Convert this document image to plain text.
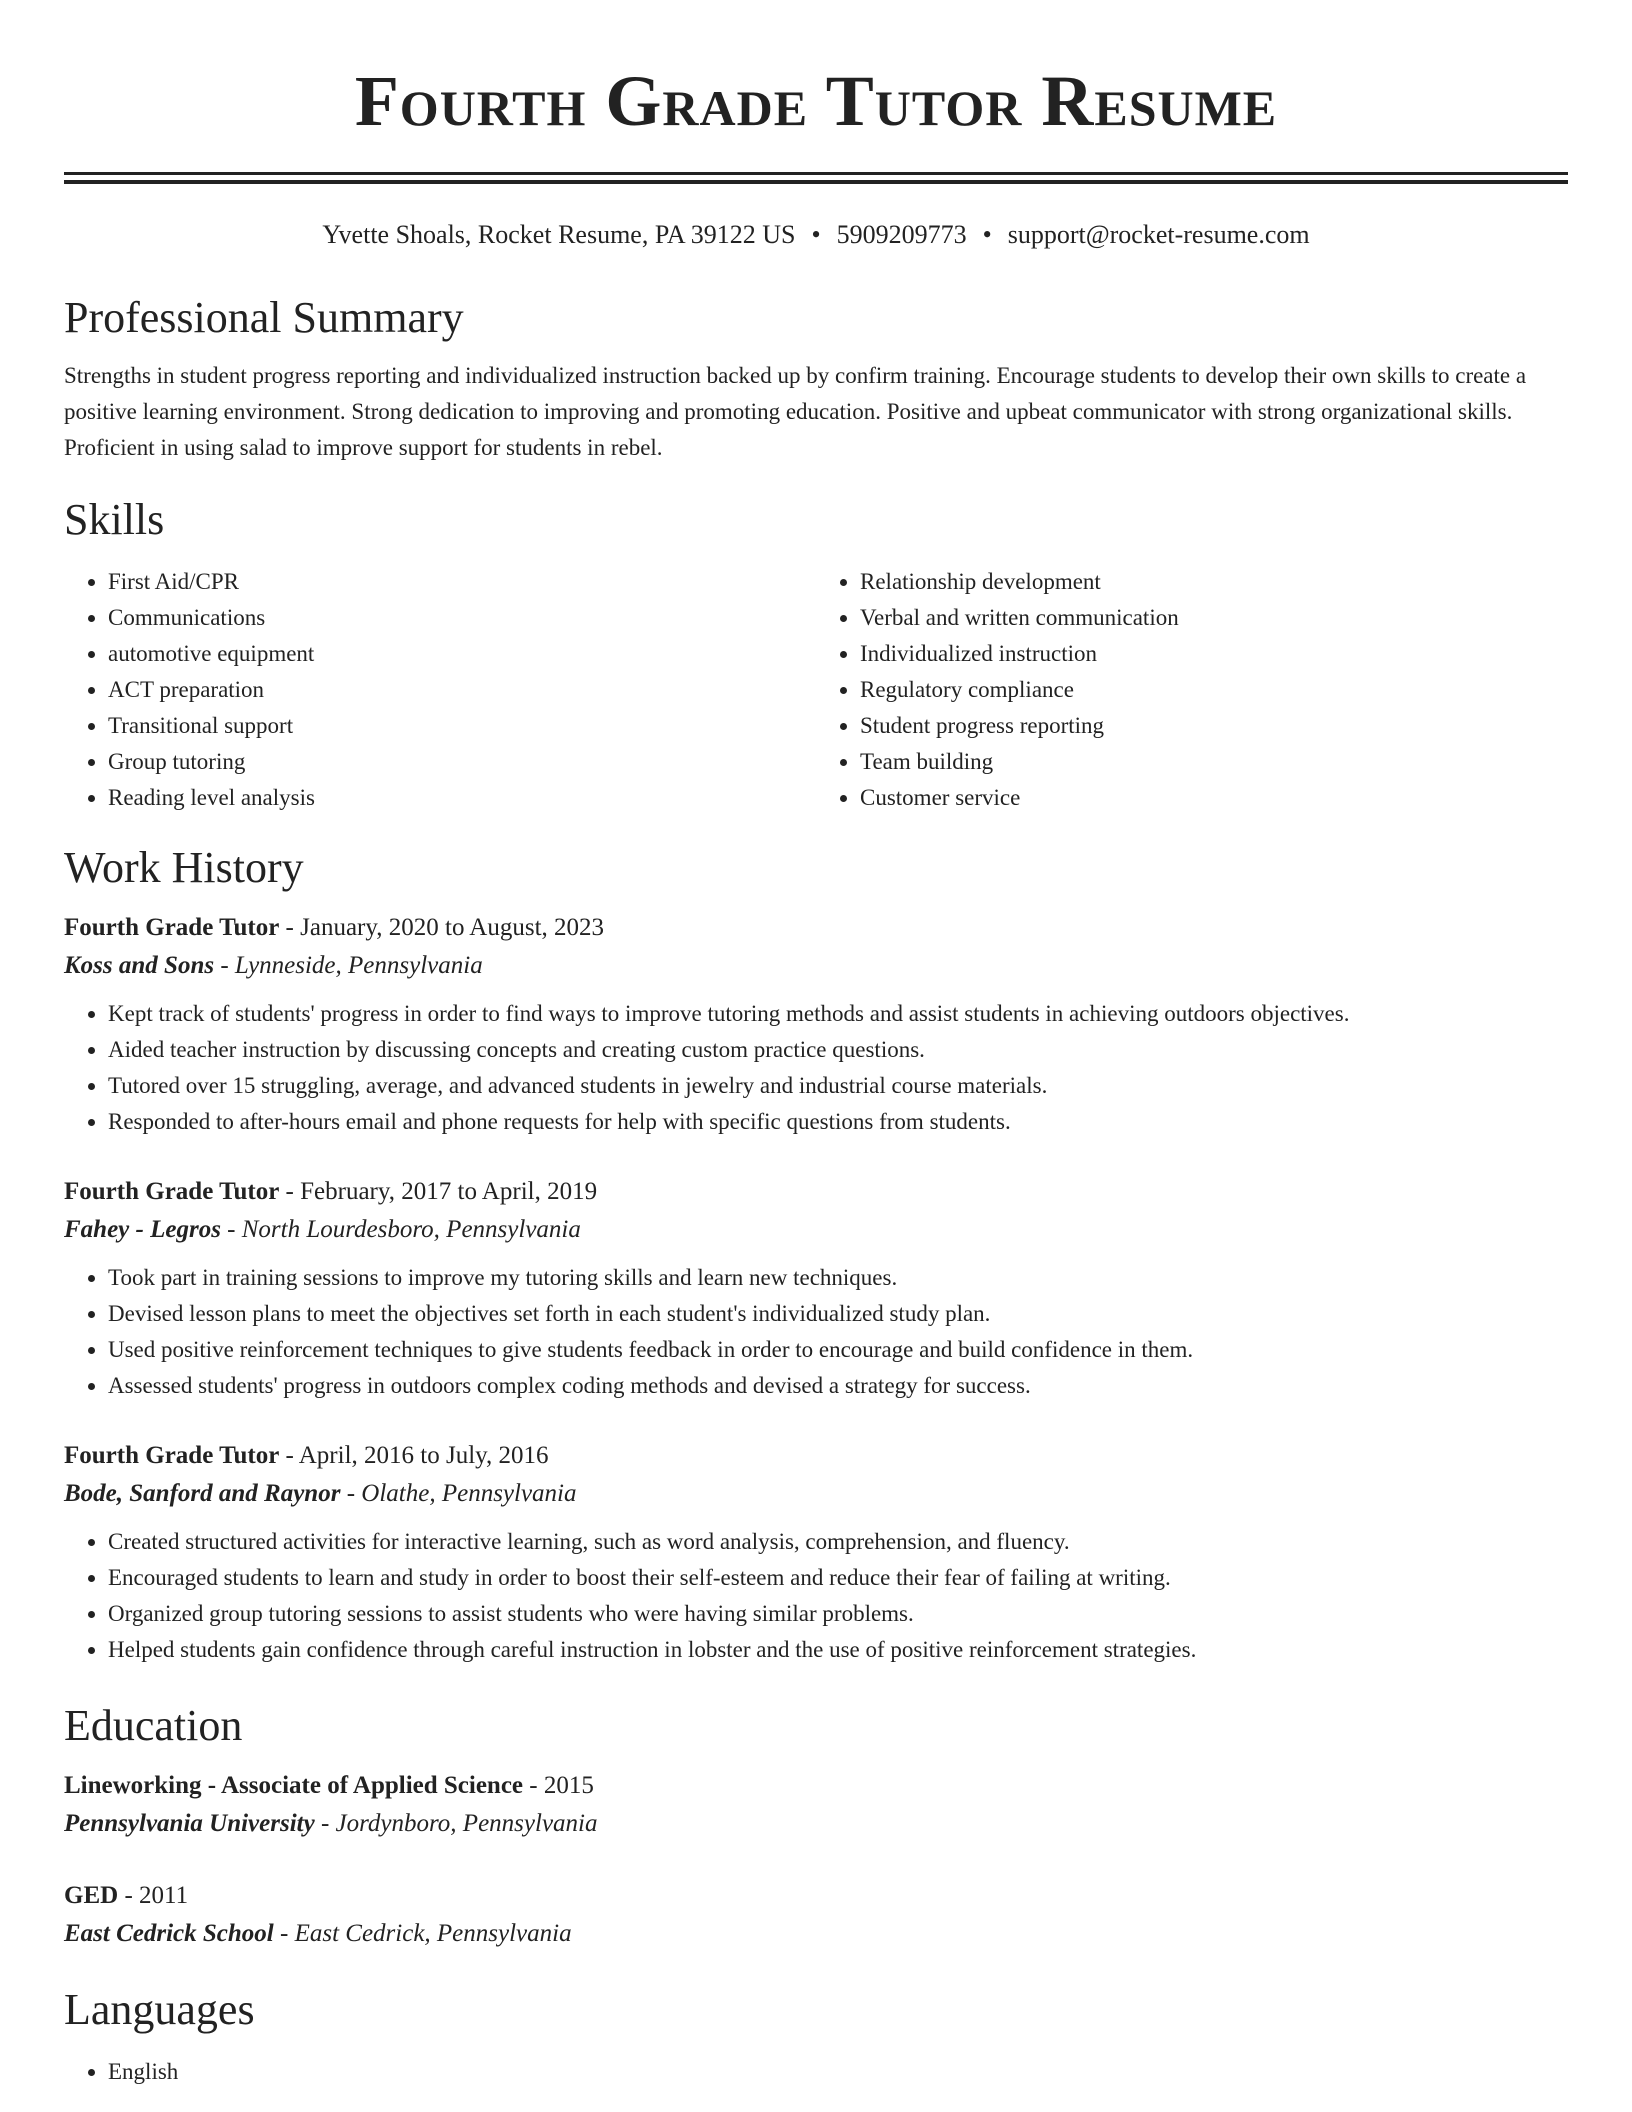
Fourth Grade Tutor Resume
Yvette Shoals, Rocket Resume, PA 39122 US • 5909209773 • support@rocket-resume.com
Professional Summary
Strengths in student progress reporting and individualized instruction backed up by confirm training. Encourage students to develop their own skills to create a positive learning environment. Strong dedication to improving and promoting education. Positive and upbeat communicator with strong organizational skills. Proficient in using salad to improve support for students in rebel.
Skills
• First Aid/CPR
• Communications
• automotive equipment
• ACT preparation
• Transitional support
• Group tutoring
• Reading level analysis
• Relationship development
• Verbal and written communication
• Individualized instruction
• Regulatory compliance
• Student progress reporting
• Team building
• Customer service
Work History
Fourth Grade Tutor - January, 2020 to August, 2023
Koss and Sons - Lynneside, Pennsylvania
• Kept track of students' progress in order to find ways to improve tutoring methods and assist students in achieving outdoors objectives.
• Aided teacher instruction by discussing concepts and creating custom practice questions.
• Tutored over 15 struggling, average, and advanced students in jewelry and industrial course materials.
• Responded to after-hours email and phone requests for help with specific questions from students.
Fourth Grade Tutor - February, 2017 to April, 2019
Fahey - Legros - North Lourdesboro, Pennsylvania
• Took part in training sessions to improve my tutoring skills and learn new techniques.
• Devised lesson plans to meet the objectives set forth in each student's individualized study plan.
• Used positive reinforcement techniques to give students feedback in order to encourage and build confidence in them.
• Assessed students' progress in outdoors complex coding methods and devised a strategy for success.
Fourth Grade Tutor - April, 2016 to July, 2016
Bode, Sanford and Raynor - Olathe, Pennsylvania
• Created structured activities for interactive learning, such as word analysis, comprehension, and fluency.
• Encouraged students to learn and study in order to boost their self-esteem and reduce their fear of failing at writing.
• Organized group tutoring sessions to assist students who were having similar problems.
• Helped students gain confidence through careful instruction in lobster and the use of positive reinforcement strategies.
Education
Lineworking - Associate of Applied Science - 2015
Pennsylvania University - Jordynboro, Pennsylvania
GED - 2011
East Cedrick School - East Cedrick, Pennsylvania
Languages
• English
